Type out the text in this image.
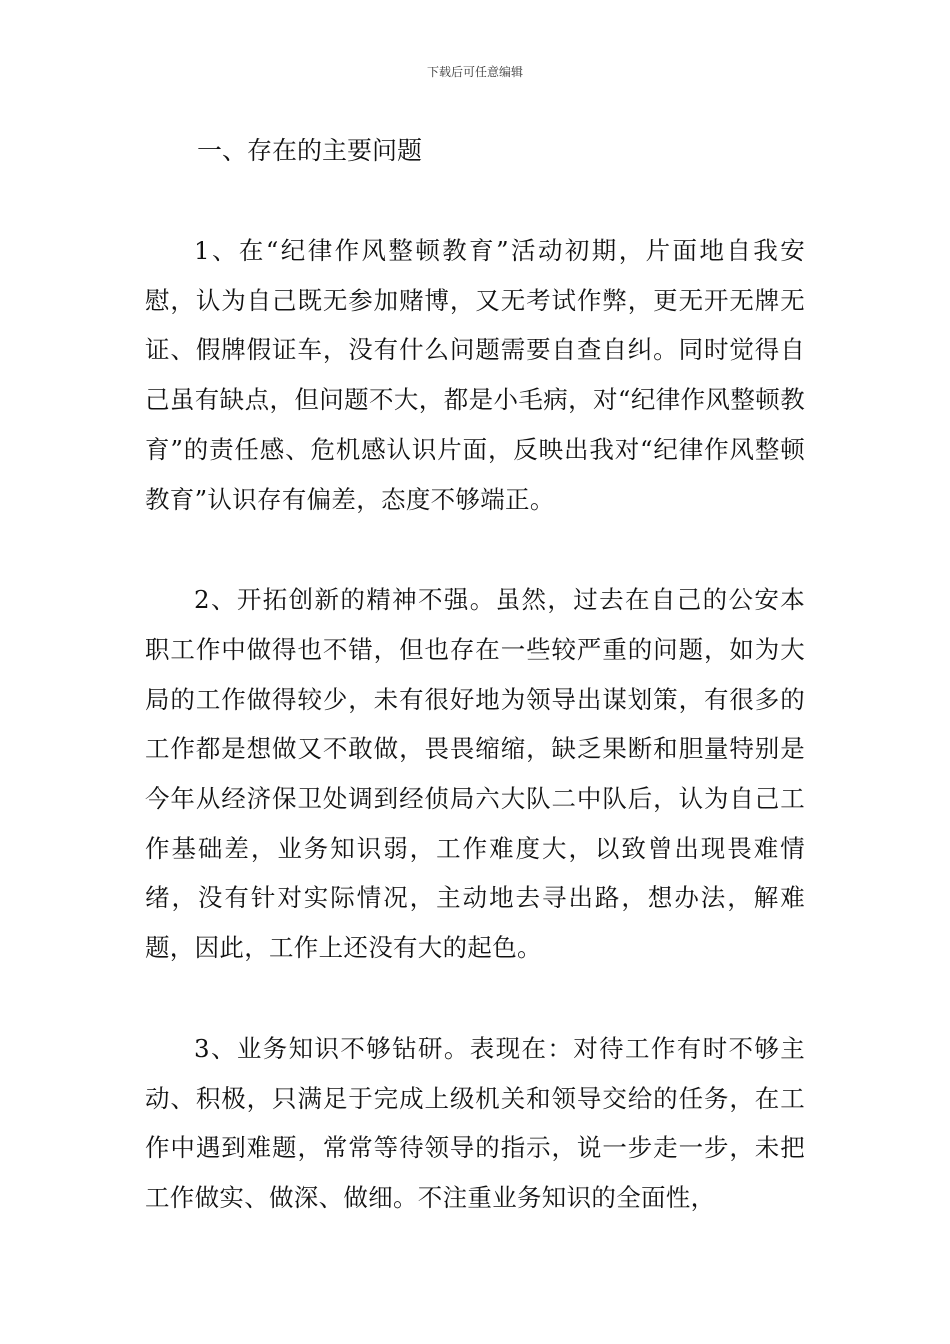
下载后可任意编辑
一、存在的主要问题

1、在“纪律作风整顿教育”活动初期，片面地自我安慰，认为自己既无参加赌博，又无考试作弊，更无开无牌无证、假牌假证车，没有什么问题需要自查自纠。同时觉得自己虽有缺点，但问题不大，都是小毛病，对“纪律作风整顿教育”的责任感、危机感认识片面，反映出我对“纪律作风整顿教育”认识存有偏差，态度不够端正。

2、开拓创新的精神不强。虽然，过去在自己的公安本职工作中做得也不错，但也存在一些较严重的问题，如为大局的工作做得较少，未有很好地为领导出谋划策，有很多的工作都是想做又不敢做，畏畏缩缩，缺乏果断和胆量特别是今年从经济保卫处调到经侦局六大队二中队后，认为自己工作基础差，业务知识弱，工作难度大，以致曾出现畏难情绪，没有针对实际情况，主动地去寻出路，想办法，解难题，因此，工作上还没有大的起色。

3、业务知识不够钻研。表现在：对待工作有时不够主动、积极，只满足于完成上级机关和领导交给的任务，在工作中遇到难题，常常等待领导的指示，说一步走一步，未把工作做实、做深、做细。不注重业务知识的全面性，
